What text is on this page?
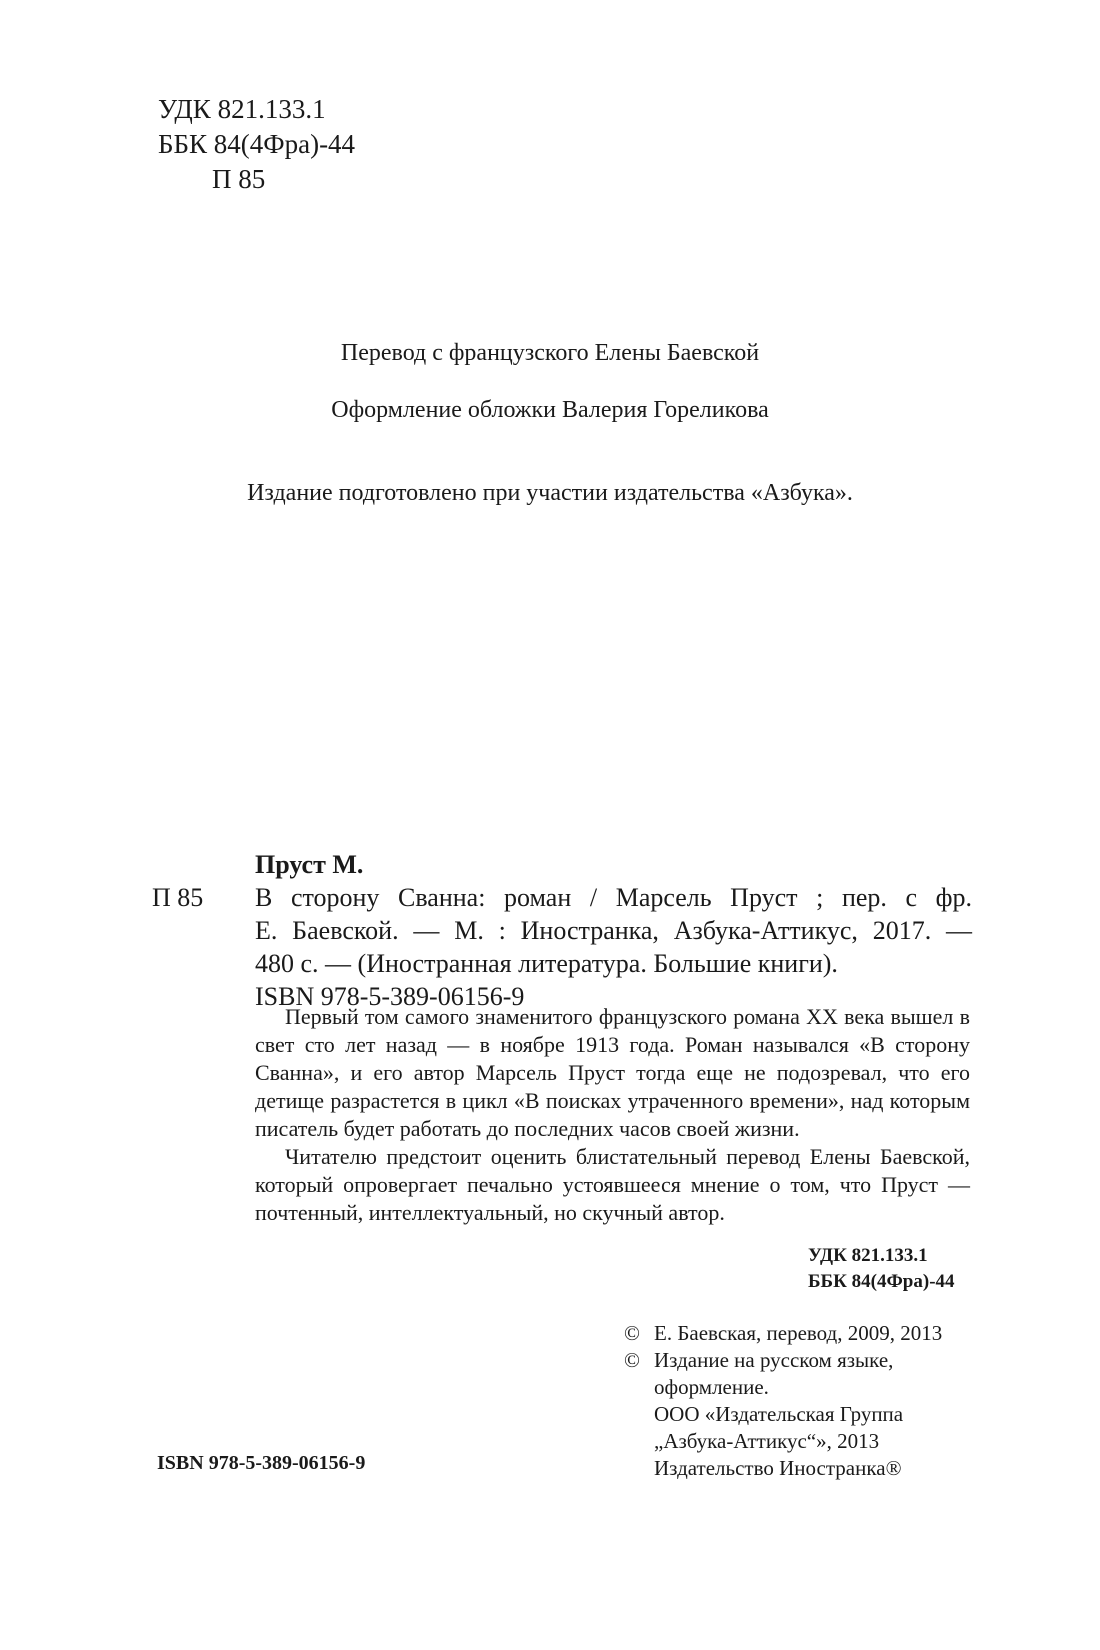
УДК 821.133.1
ББК 84(4Фра)-44
П 85
Перевод с французского Елены Баевской
Оформление обложки Валерия Гореликова
Издание подготовлено при участии издательства «Азбука».
Пруст М.
П 85	В сторону Сванна: роман / Марсель Пруст ; пер. с фр.
Е. Баевской. — М. : Иностранка, Азбука-Аттикус, 2017. —
480 с. — (Иностранная литература. Большие книги).
ISBN 978-5-389-06156-9

Первый том самого знаменитого французского романа XX века вышел в свет сто лет назад — в ноябре 1913 года. Роман назывался «В сторону Сванна», и его автор Марсель Пруст тогда еще не подозревал, что его детище разрастется в цикл «В поисках утраченного времени», над которым писатель будет работать до последних часов своей жизни.

Читателю предстоит оценить блистательный перевод Елены Баевской, который опровергает печально устоявшееся мнение о том, что Пруст — почтенный, интеллектуальный, но скучный автор.

УДК 821.133.1
ББК 84(4Фра)-44
© Е. Баевская, перевод, 2009, 2013
© Издание на русском языке,
оформление.
ООО «Издательская Группа
„Азбука-Аттикус“», 2013
Издательство Иностранка®
ISBN 978-5-389-06156-9
